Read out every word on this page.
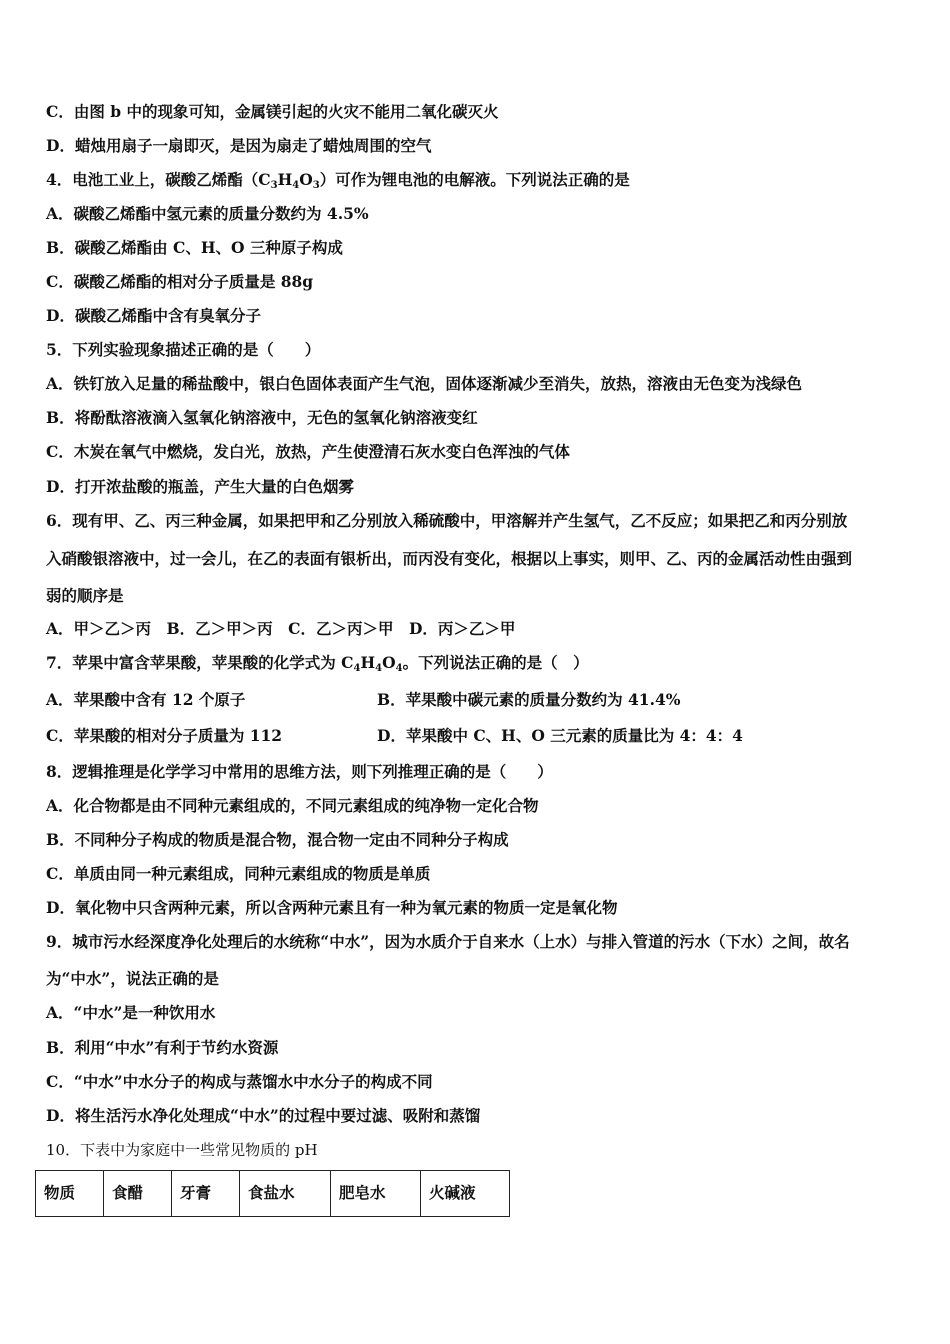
C．由图 b 中的现象可知，金属镁引起的火灾不能用二氧化碳灭火
D．蜡烛用扇子一扇即灭，是因为扇走了蜡烛周围的空气
4．电池工业上，碳酸乙烯酯$(C_3H_4O_3)$可作为锂电池的电解液。下列说法正确的是
A．碳酸乙烯酯中氢元素的质量分数约为 4.5%
B．碳酸乙烯酯由 C、H、O 三种原子构成
C．碳酸乙烯酯的相对分子质量是 88g
D．碳酸乙烯酯中含有臭氧分子
5．下列实验现象描述正确的是（　　）
A．铁钉放入足量的稀盐酸中，银白色固体表面产生气泡，固体逐渐减少至消失，放热，溶液由无色变为浅绿色
B．将酚酞溶液滴入氢氧化钠溶液中，无色的氢氧化钠溶液变红
C．木炭在氧气中燃烧，发白光，放热，产生使澄清石灰水变白色浑浊的气体
D．打开浓盐酸的瓶盖，产生大量的白色烟雾
6．现有甲、乙、丙三种金属，如果把甲和乙分别放入稀硫酸中，甲溶解并产生氢气，乙不反应；如果把乙和丙分别放
入硝酸银溶液中，过一会儿，在乙的表面有银析出，而丙没有变化，根据以上事实，则甲、乙、丙的金属活动性由强到
弱的顺序是
A．甲＞乙＞丙　B．乙＞甲＞丙　C．乙＞丙＞甲　D．丙＞乙＞甲
7．苹果中富含苹果酸，苹果酸的化学式为 $C_4H_4O_4$。下列说法正确的是（　）
A．苹果酸中含有 12 个原子	B．苹果酸中碳元素的质量分数约为 41.4%
C．苹果酸的相对分子质量为 112	D．苹果酸中 C、H、O 三元素的质量比为 4：4：4
8．逻辑推理是化学学习中常用的思维方法，则下列推理正确的是（　　）
A．化合物都是由不同种元素组成的，不同元素组成的纯净物一定化合物
B．不同种分子构成的物质是混合物，混合物一定由不同种分子构成
C．单质由同一种元素组成，同种元素组成的物质是单质
D．氧化物中只含两种元素，所以含两种元素且有一种为氧元素的物质一定是氧化物
9．城市污水经深度净化处理后的水统称“中水”，因为水质介于自来水（上水）与排入管道的污水（下水）之间，故名
为“中水”，说法正确的是
A．“中水”是一种饮用水
B．利用“中水”有利于节约水资源
C．“中水”中水分子的构成与蒸馏水中水分子的构成不同
D．将生活污水净化处理成“中水”的过程中要过滤、吸附和蒸馏
10．下表中为家庭中一些常见物质的 pH
物质	食醋	牙膏	食盐水	肥皂水	火碱液
